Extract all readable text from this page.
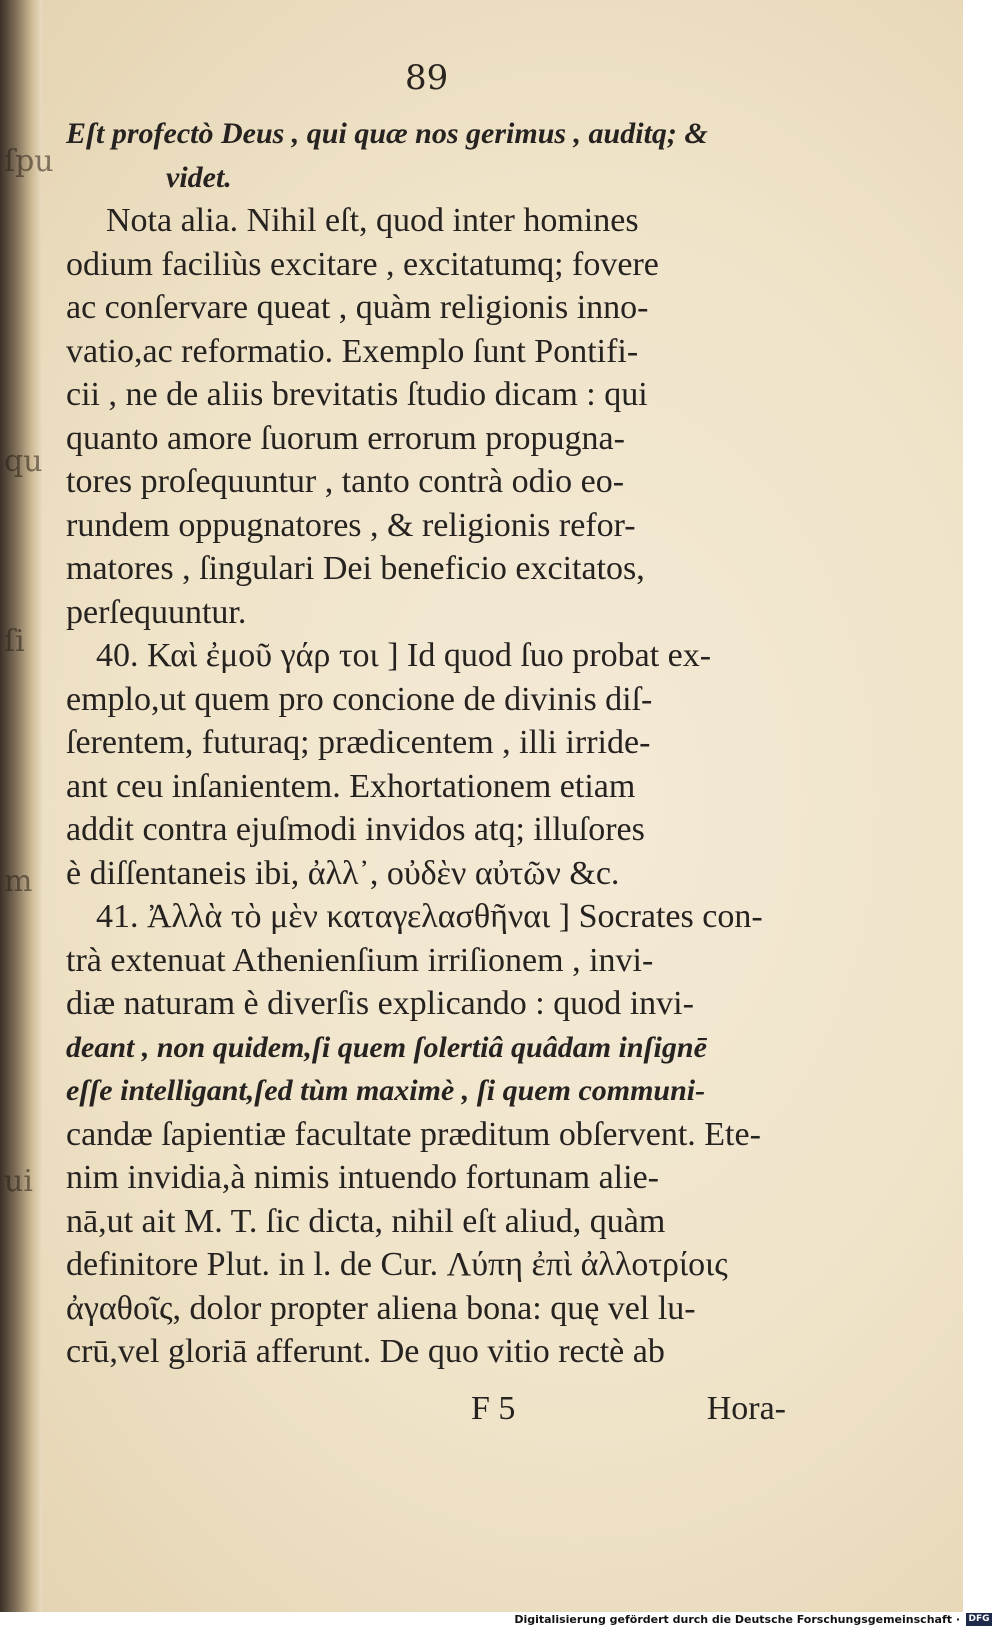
ſpu
qu
ſi
m
ui
89
Eſt profectò Deus , qui quæ nos gerimus , auditq; &
videt.
Nota alia. Nihil eſt, quod inter homines
odium faciliùs excitare , excitatumq; fovere
ac conſervare queat , quàm religionis inno-
vatio,ac reformatio. Exemplo ſunt Pontifi-
cii , ne de aliis brevitatis ſtudio dicam : qui
quanto amore ſuorum errorum propugna-
tores proſequuntur , tanto contrà odio eo-
rundem oppugnatores , & religionis refor-
matores , ſingulari Dei beneficio excitatos,
perſequuntur.
40. Καὶ ἐμοῦ γάρ τοι ] Id quod ſuo probat ex-
emplo,ut quem pro concione de divinis diſ-
ſerentem, futuraq; prædicentem , illi irride-
ant ceu inſanientem. Exhortationem etiam
addit contra ejuſmodi invidos atq; illuſores
è diſſentaneis ibi, ἀλλ᾽, οὐδὲν αὐτῶν &c.
41. Ἀλλὰ τὸ μὲν καταγελασθῆναι ] Socrates con-
trà extenuat Athenienſium irriſionem , invi-
diæ naturam è diverſis explicando : quod invi-
deant , non quidem,ſi quem ſolertiâ quâdam inſignē
eſſe intelligant,ſed tùm maximè , ſi quem communi-
candæ ſapientiæ facultate præditum obſervent. Ete-
nim invidia,à nimis intuendo fortunam alie-
nā,ut ait M. T. ſic dicta, nihil eſt aliud, quàm
definitore Plut. in l. de Cur. Λύπη ἐπὶ ἀλλοτρίοις
ἀγαθοῖς, dolor propter aliena bona: quę vel lu-
crū,vel gloriā afferunt. De quo vitio rectè ab
F 5	Hora-
Digitalisierung gefördert durch die Deutsche Forschungsgemeinschaft · DFG
